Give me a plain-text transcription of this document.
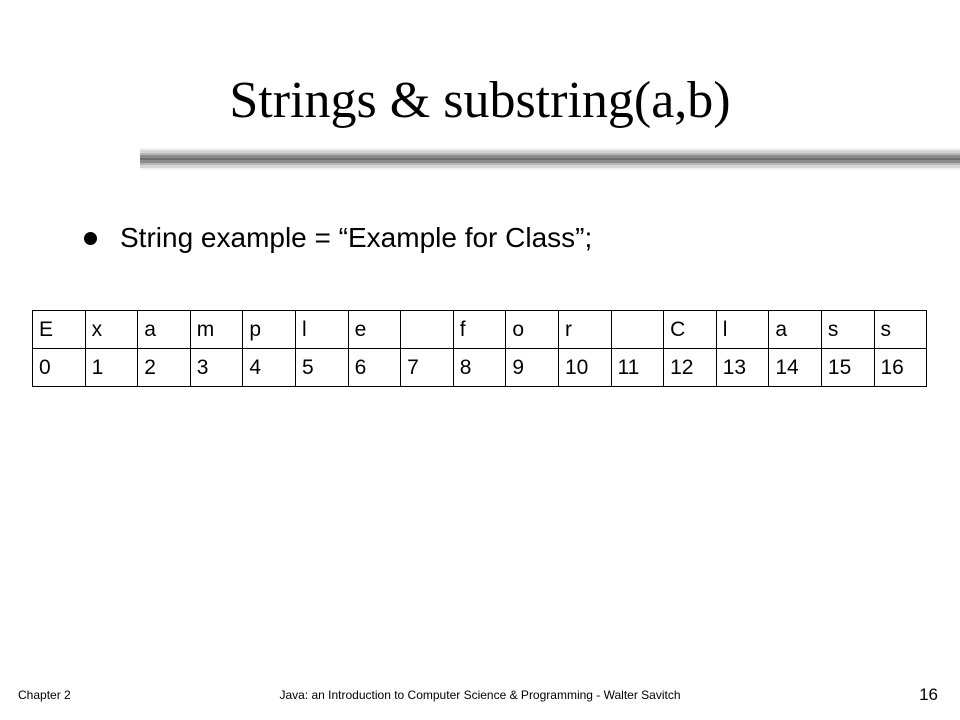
Strings & substring(a,b)
String example = “Example for Class”;
E	x	a	m	p	l	e		f	o	r		C	l	a	s	s
0	1	2	3	4	5	6	7	8	9	10	11	12	13	14	15	16
Java: an Introduction to Computer Science & Programming - Walter Savitch
Chapter 2	16
